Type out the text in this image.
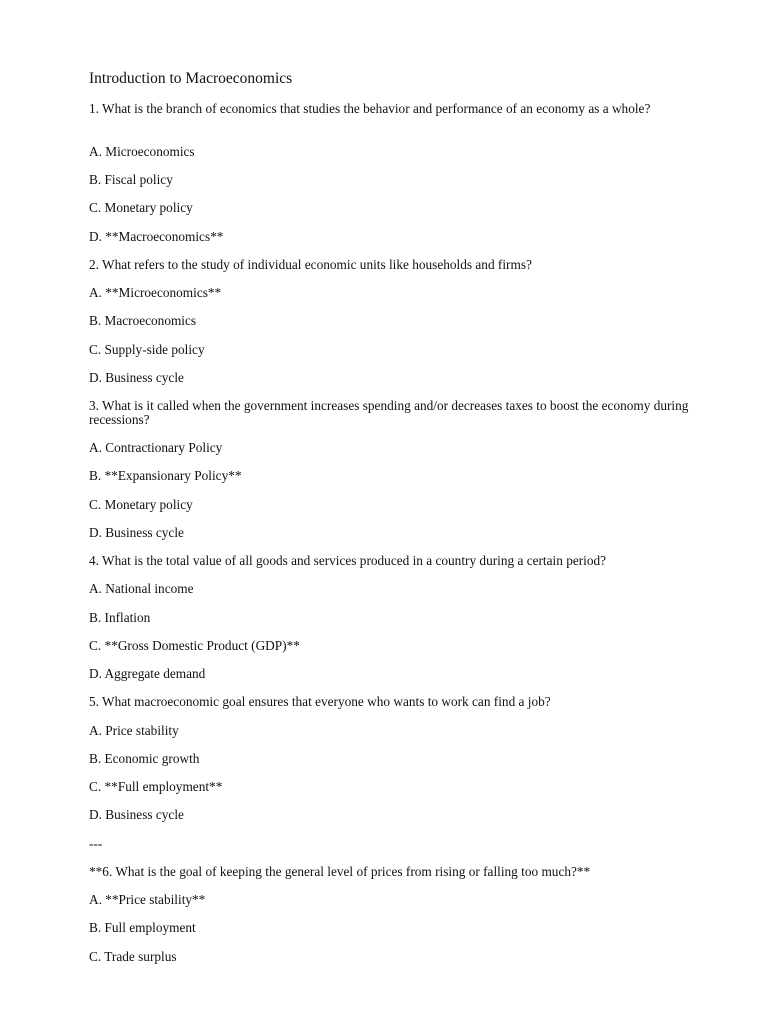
Introduction to Macroeconomics
1. What is the branch of economics that studies the behavior and performance of an economy as a whole?
A. Microeconomics
B. Fiscal policy
C. Monetary policy
D. **Macroeconomics**
2. What refers to the study of individual economic units like households and firms?
A. **Microeconomics**
B. Macroeconomics
C. Supply-side policy
D. Business cycle
3. What is it called when the government increases spending and/or decreases taxes to boost the economy during recessions?
A. Contractionary Policy
B. **Expansionary Policy**
C. Monetary policy
D. Business cycle
4. What is the total value of all goods and services produced in a country during a certain period?
A. National income
B. Inflation
C. **Gross Domestic Product (GDP)**
D. Aggregate demand
5. What macroeconomic goal ensures that everyone who wants to work can find a job?
A. Price stability
B. Economic growth
C. **Full employment**
D. Business cycle
---
**6. What is the goal of keeping the general level of prices from rising or falling too much?**
A. **Price stability**
B. Full employment
C. Trade surplus
